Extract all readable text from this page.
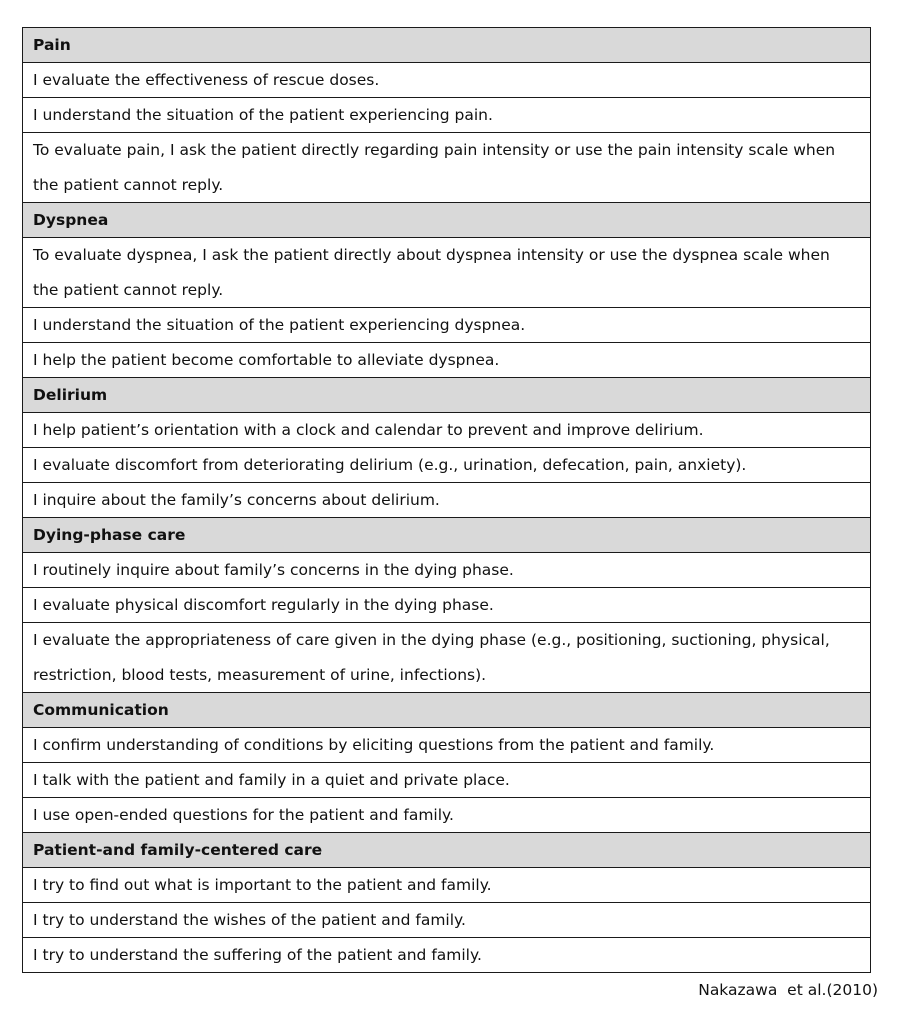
Pain
I evaluate the effectiveness of rescue doses.
I understand the situation of the patient experiencing pain.
To evaluate pain, I ask the patient directly regarding pain intensity or use the pain intensity scale when the patient cannot reply.
Dyspnea
To evaluate dyspnea, I ask the patient directly about dyspnea intensity or use the dyspnea scale when the patient cannot reply.
I understand the situation of the patient experiencing dyspnea.
I help the patient become comfortable to alleviate dyspnea.
Delirium
I help patient’s orientation with a clock and calendar to prevent and improve delirium.
I evaluate discomfort from deteriorating delirium (e.g., urination, defecation, pain, anxiety).
I inquire about the family’s concerns about delirium.
Dying-phase care
I routinely inquire about family’s concerns in the dying phase.
I evaluate physical discomfort regularly in the dying phase.
I evaluate the appropriateness of care given in the dying phase (e.g., positioning, suctioning, physical, restriction, blood tests, measurement of urine, infections).
Communication
I confirm understanding of conditions by eliciting questions from the patient and family.
I talk with the patient and family in a quiet and private place.
I use open-ended questions for the patient and family.
Patient-and family-centered care
I try to find out what is important to the patient and family.
I try to understand the wishes of the patient and family.
I try to understand the suffering of the patient and family.
Nakazawa  et al.(2010)
